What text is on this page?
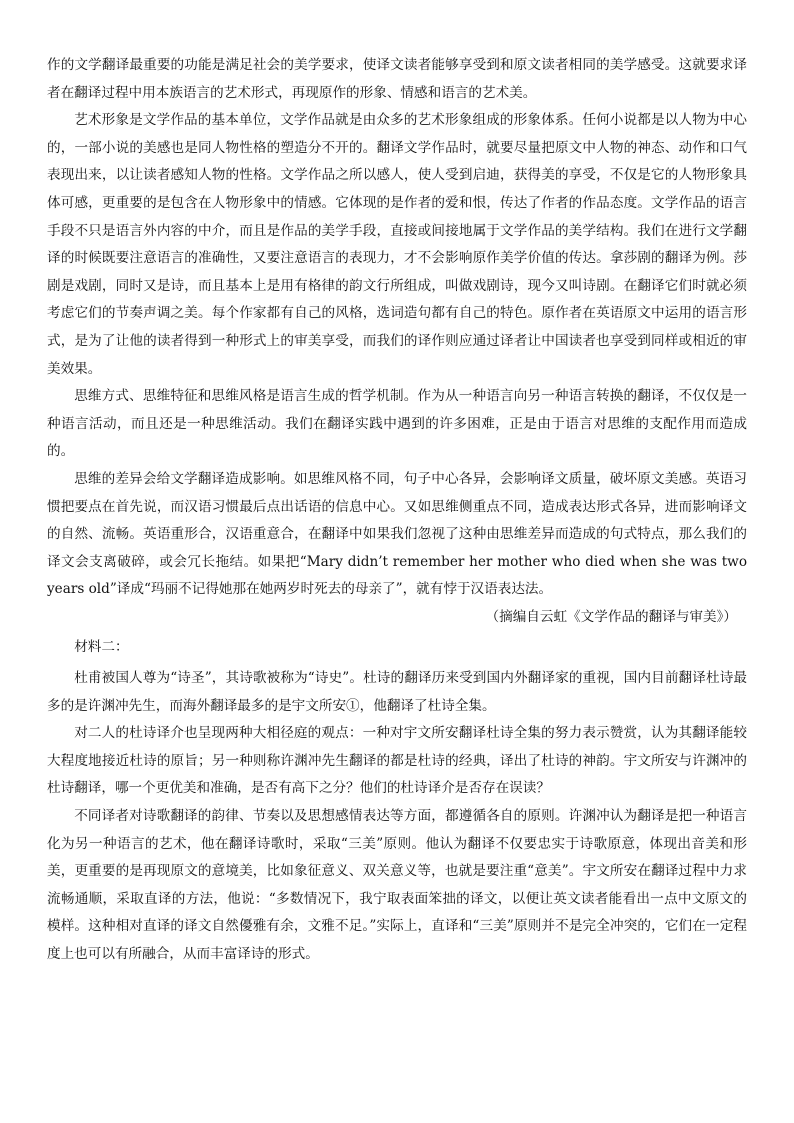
作的文学翻译最重要的功能是满足社会的美学要求，使译文读者能够享受到和原文读者相同的美学感受。这就要求译者在翻译过程中用本族语言的艺术形式，再现原作的形象、情感和语言的艺术美。

艺术形象是文学作品的基本单位，文学作品就是由众多的艺术形象组成的形象体系。任何小说都是以人物为中心的，一部小说的美感也是同人物性格的塑造分不开的。翻译文学作品时，就要尽量把原文中人物的神态、动作和口气表现出来，以让读者感知人物的性格。文学作品之所以感人，使人受到启迪，获得美的享受，不仅是它的人物形象具体可感，更重要的是包含在人物形象中的情感。它体现的是作者的爱和恨，传达了作者的作品态度。文学作品的语言手段不只是语言外内容的中介，而且是作品的美学手段，直接或间接地属于文学作品的美学结构。我们在进行文学翻译的时候既要注意语言的准确性，又要注意语言的表现力，才不会影响原作美学价值的传达。拿莎剧的翻译为例。莎剧是戏剧，同时又是诗，而且基本上是用有格律的韵文行所组成，叫做戏剧诗，现今又叫诗剧。在翻译它们时就必须考虑它们的节奏声调之美。每个作家都有自己的风格，选词造句都有自己的特色。原作者在英语原文中运用的语言形式，是为了让他的读者得到一种形式上的审美享受，而我们的译作则应通过译者让中国读者也享受到同样或相近的审美效果。

思维方式、思维特征和思维风格是语言生成的哲学机制。作为从一种语言向另一种语言转换的翻译，不仅仅是一种语言活动，而且还是一种思维活动。我们在翻译实践中遇到的许多困难，正是由于语言对思维的支配作用而造成的。

思维的差异会给文学翻译造成影响。如思维风格不同，句子中心各异，会影响译文质量，破坏原文美感。英语习惯把要点在首先说，而汉语习惯最后点出话语的信息中心。又如思维侧重点不同，造成表达形式各异，进而影响译文的自然、流畅。英语重形合，汉语重意合，在翻译中如果我们忽视了这种由思维差异而造成的句式特点，那么我们的译文会支离破碎，或会冗长拖结。如果把“Mary didn’t remember her mother who died when she was two years old”译成“玛丽不记得她那在她两岁时死去的母亲了”，就有悖于汉语表达法。

（摘编自云虹《文学作品的翻译与审美》）

材料二：

杜甫被国人尊为“诗圣”，其诗歌被称为“诗史”。杜诗的翻译历来受到国内外翻译家的重视，国内目前翻译杜诗最多的是许渊冲先生，而海外翻译最多的是宇文所安①，他翻译了杜诗全集。

对二人的杜诗译介也呈现两种大相径庭的观点：一种对宇文所安翻译杜诗全集的努力表示赞赏，认为其翻译能较大程度地接近杜诗的原旨；另一种则称许渊冲先生翻译的都是杜诗的经典，译出了杜诗的神韵。宇文所安与许渊冲的杜诗翻译，哪一个更优美和准确，是否有高下之分？他们的杜诗译介是否存在误读？

不同译者对诗歌翻译的韵律、节奏以及思想感情表达等方面，都遵循各自的原则。许渊冲认为翻译是把一种语言化为另一种语言的艺术，他在翻译诗歌时，采取“三美”原则。他认为翻译不仅要忠实于诗歌原意，体现出音美和形美，更重要的是再现原文的意境美，比如象征意义、双关意义等，也就是要注重“意美”。宇文所安在翻译过程中力求流畅通顺，采取直译的方法，他说：“多数情况下，我宁取表面笨拙的译文，以便让英文读者能看出一点中文原文的模样。这种相对直译的译文自然優雅有余，文雅不足。”实际上，直译和“三美”原则并不是完全冲突的，它们在一定程度上也可以有所融合，从而丰富译诗的形式。
